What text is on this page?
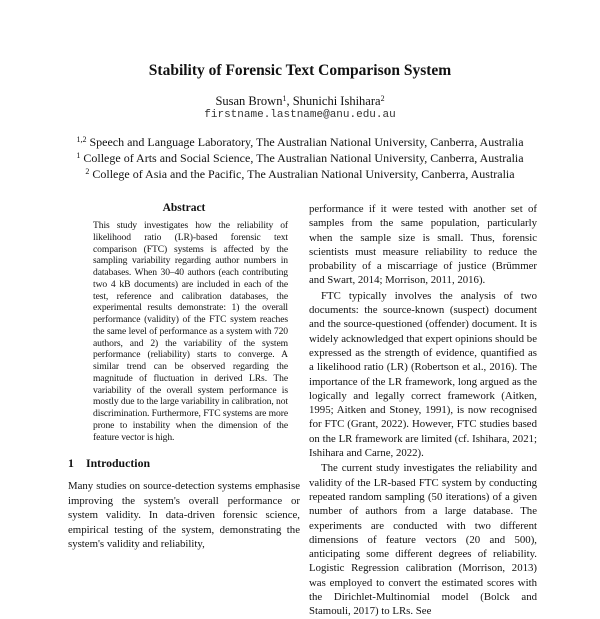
Stability of Forensic Text Comparison System
Susan Brown$^1$, Shunichi Ishihara$^2$
firstname.lastname@anu.edu.au
$^{1,2}$ Speech and Language Laboratory, The Australian National University, Canberra, Australia
$^1$ College of Arts and Social Science, The Australian National University, Canberra, Australia
$^2$ College of Asia and the Pacific, The Australian National University, Canberra, Australia
Abstract

This study investigates how the reliability of likelihood ratio (LR)-based forensic text comparison (FTC) systems is affected by the sampling variability regarding author numbers in databases. When 30–40 authors (each contributing two 4 kB documents) are included in each of the test, reference and calibration databases, the experimental results demonstrate: 1) the overall performance (validity) of the FTC system reaches the same level of performance as a system with 720 authors, and 2) the variability of the system performance (reliability) starts to converge. A similar trend can be observed regarding the magnitude of fluctuation in derived LRs. The variability of the overall system performance is mostly due to the large variability in calibration, not discrimination. Furthermore, FTC systems are more prone to instability when the dimension of the feature vector is high.

1 Introduction

Many studies on source-detection systems emphasise improving the system's overall performance or system validity. In data-driven forensic science, empirical testing of the system, demonstrating the system's validity and reliability,

performance if it were tested with another set of samples from the same population, particularly when the sample size is small. Thus, forensic scientists must measure reliability to reduce the probability of a miscarriage of justice (Brümmer and Swart, 2014; Morrison, 2011, 2016).

FTC typically involves the analysis of two documents: the source-known (suspect) document and the source-questioned (offender) document. It is widely acknowledged that expert opinions should be expressed as the strength of evidence, quantified as a likelihood ratio (LR) (Robertson et al., 2016). The importance of the LR framework, long argued as the logically and legally correct framework (Aitken, 1995; Aitken and Stoney, 1991), is now recognised for FTC (Grant, 2022). However, FTC studies based on the LR framework are limited (cf. Ishihara, 2021; Ishihara and Carne, 2022).

The current study investigates the reliability and validity of the LR-based FTC system by conducting repeated random sampling (50 iterations) of a given number of authors from a large database. The experiments are conducted with two different dimensions of feature vectors (20 and 500), anticipating some different degrees of reliability. Logistic Regression calibration (Morrison, 2013) was employed to convert the estimated scores with the Dirichlet-Multinomial model (Bolck and Stamouli, 2017) to LRs. See
